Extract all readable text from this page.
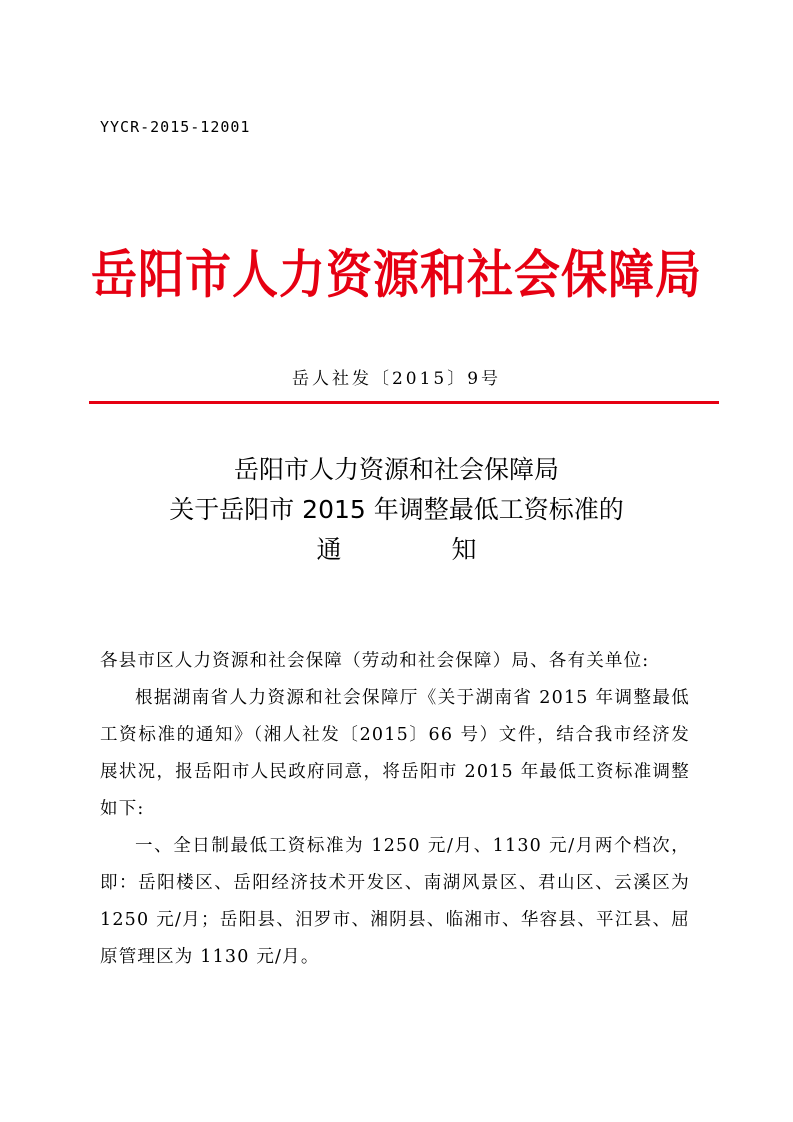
YYCR-2015-12001
岳阳市人力资源和社会保障局
岳人社发〔2015〕9号
岳阳市人力资源和社会保障局
关于岳阳市 2015 年调整最低工资标准的
通	知

各县市区人力资源和社会保障（劳动和社会保障）局、各有关单位:

根据湖南省人力资源和社会保障厅《关于湖南省 2015 年调整最低工资标准的通知》（湘人社发〔2015〕66 号）文件，结合我市经济发展状况，报岳阳市人民政府同意，将岳阳市 2015 年最低工资标准调整如下:

一、全日制最低工资标准为 1250 元/月、1130 元/月两个档次，即：岳阳楼区、岳阳经济技术开发区、南湖风景区、君山区、云溪区为 1250 元/月；岳阳县、汨罗市、湘阴县、临湘市、华容县、平江县、屈原管理区为 1130 元/月。
